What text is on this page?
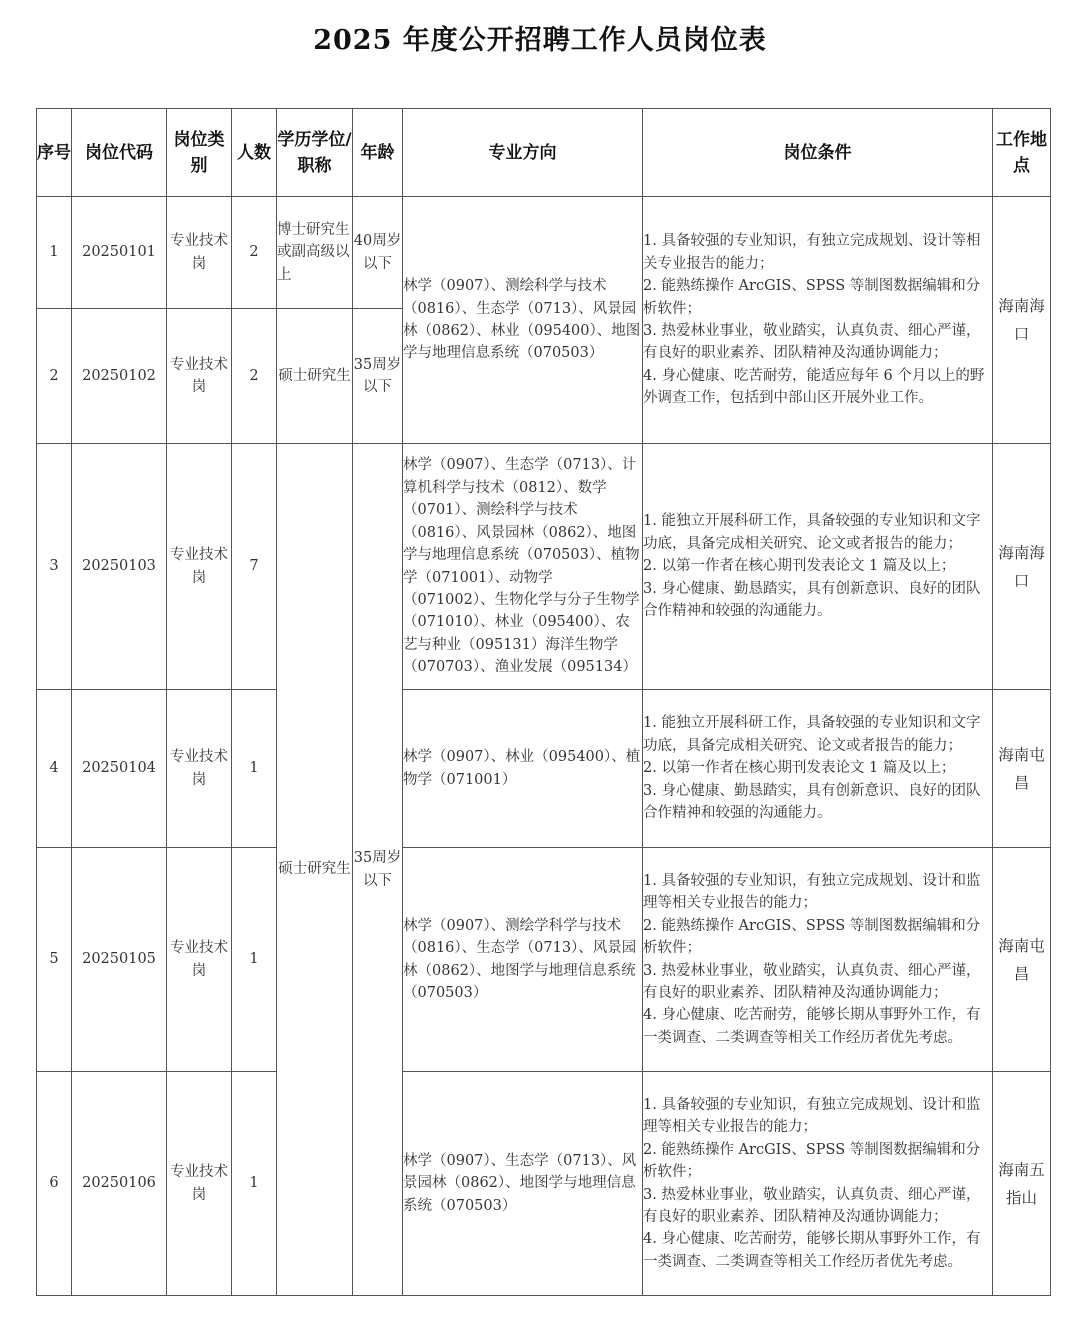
2025 年度公开招聘工作人员岗位表
序号	岗位代码	岗位类别	人数	学历学位/职称	年龄	专业方向	岗位条件	工作地点
1	20250101	专业技术岗	2	博士研究生或副高级以上	40周岁以下	林学（0907）、测绘科学与技术（0816）、生态学（0713）、风景园林（0862）、林业（095400）、地图学与地理信息系统（070503）	1. 具备较强的专业知识，有独立完成规划、设计等相关专业报告的能力；
2. 能熟练操作 ArcGIS、SPSS 等制图数据编辑和分析软件；
3. 热爱林业事业，敬业踏实，认真负责、细心严谨，有良好的职业素养、团队精神及沟通协调能力；
4. 身心健康、吃苦耐劳，能适应每年 6 个月以上的野外调查工作，包括到中部山区开展外业工作。	海南海口
2	20250102	专业技术岗	2	硕士研究生	35周岁以下			
3	20250103	专业技术岗	7	硕士研究生	35周岁以下	林学（0907）、生态学（0713）、计算机科学与技术（0812）、数学（0701）、测绘科学与技术（0816）、风景园林（0862）、地图学与地理信息系统（070503）、植物学（071001）、动物学（071002）、生物化学与分子生物学（071010）、林业（095400）、农艺与种业（095131）海洋生物学（070703）、渔业发展（095134）	1. 能独立开展科研工作，具备较强的专业知识和文字功底，具备完成相关研究、论文或者报告的能力；
2. 以第一作者在核心期刊发表论文 1 篇及以上；
3. 身心健康、勤恳踏实，具有创新意识、良好的团队合作精神和较强的沟通能力。	海南海口
4	20250104	专业技术岗	1			林学（0907）、林业（095400）、植物学（071001）	1. 能独立开展科研工作，具备较强的专业知识和文字功底，具备完成相关研究、论文或者报告的能力；
2. 以第一作者在核心期刊发表论文 1 篇及以上；
3. 身心健康、勤恳踏实，具有创新意识、良好的团队合作精神和较强的沟通能力。	海南屯昌
5	20250105	专业技术岗	1			林学（0907）、测绘学科学与技术（0816）、生态学（0713）、风景园林（0862）、地图学与地理信息系统（070503）	1. 具备较强的专业知识，有独立完成规划、设计和监理等相关专业报告的能力；
2. 能熟练操作 ArcGIS、SPSS 等制图数据编辑和分析软件；
3. 热爱林业事业，敬业踏实，认真负责、细心严谨，有良好的职业素养、团队精神及沟通协调能力；
4. 身心健康、吃苦耐劳，能够长期从事野外工作，有一类调查、二类调查等相关工作经历者优先考虑。	海南屯昌
6	20250106	专业技术岗	1			林学（0907）、生态学（0713）、风景园林（0862）、地图学与地理信息系统（070503）	1. 具备较强的专业知识，有独立完成规划、设计和监理等相关专业报告的能力；
2. 能熟练操作 ArcGIS、SPSS 等制图数据编辑和分析软件；
3. 热爱林业事业，敬业踏实，认真负责、细心严谨，有良好的职业素养、团队精神及沟通协调能力；
4. 身心健康、吃苦耐劳，能够长期从事野外工作，有一类调查、二类调查等相关工作经历者优先考虑。	海南五指山
